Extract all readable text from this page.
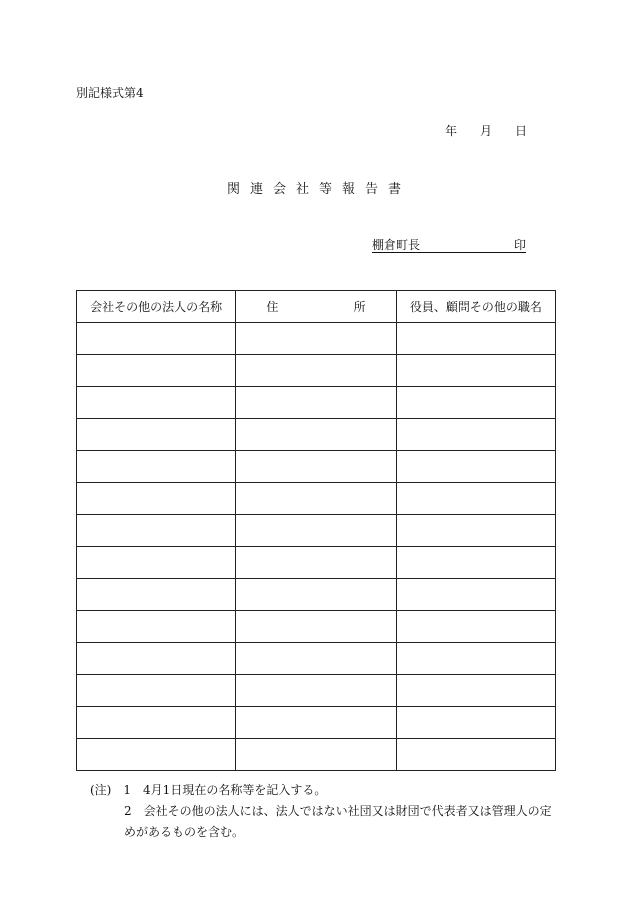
別記様式第4
年 月 日
関連会社等報告書
棚倉町長	印
会社その他の法人の名称	住 所	役員、顧問その他の職名

(注)　 1　 4月1日現在の名称等を記入する。
2　 会社その他の法人には、法人ではない社団又は財団で代表者又は管理人の定
めがあるものを含む。
